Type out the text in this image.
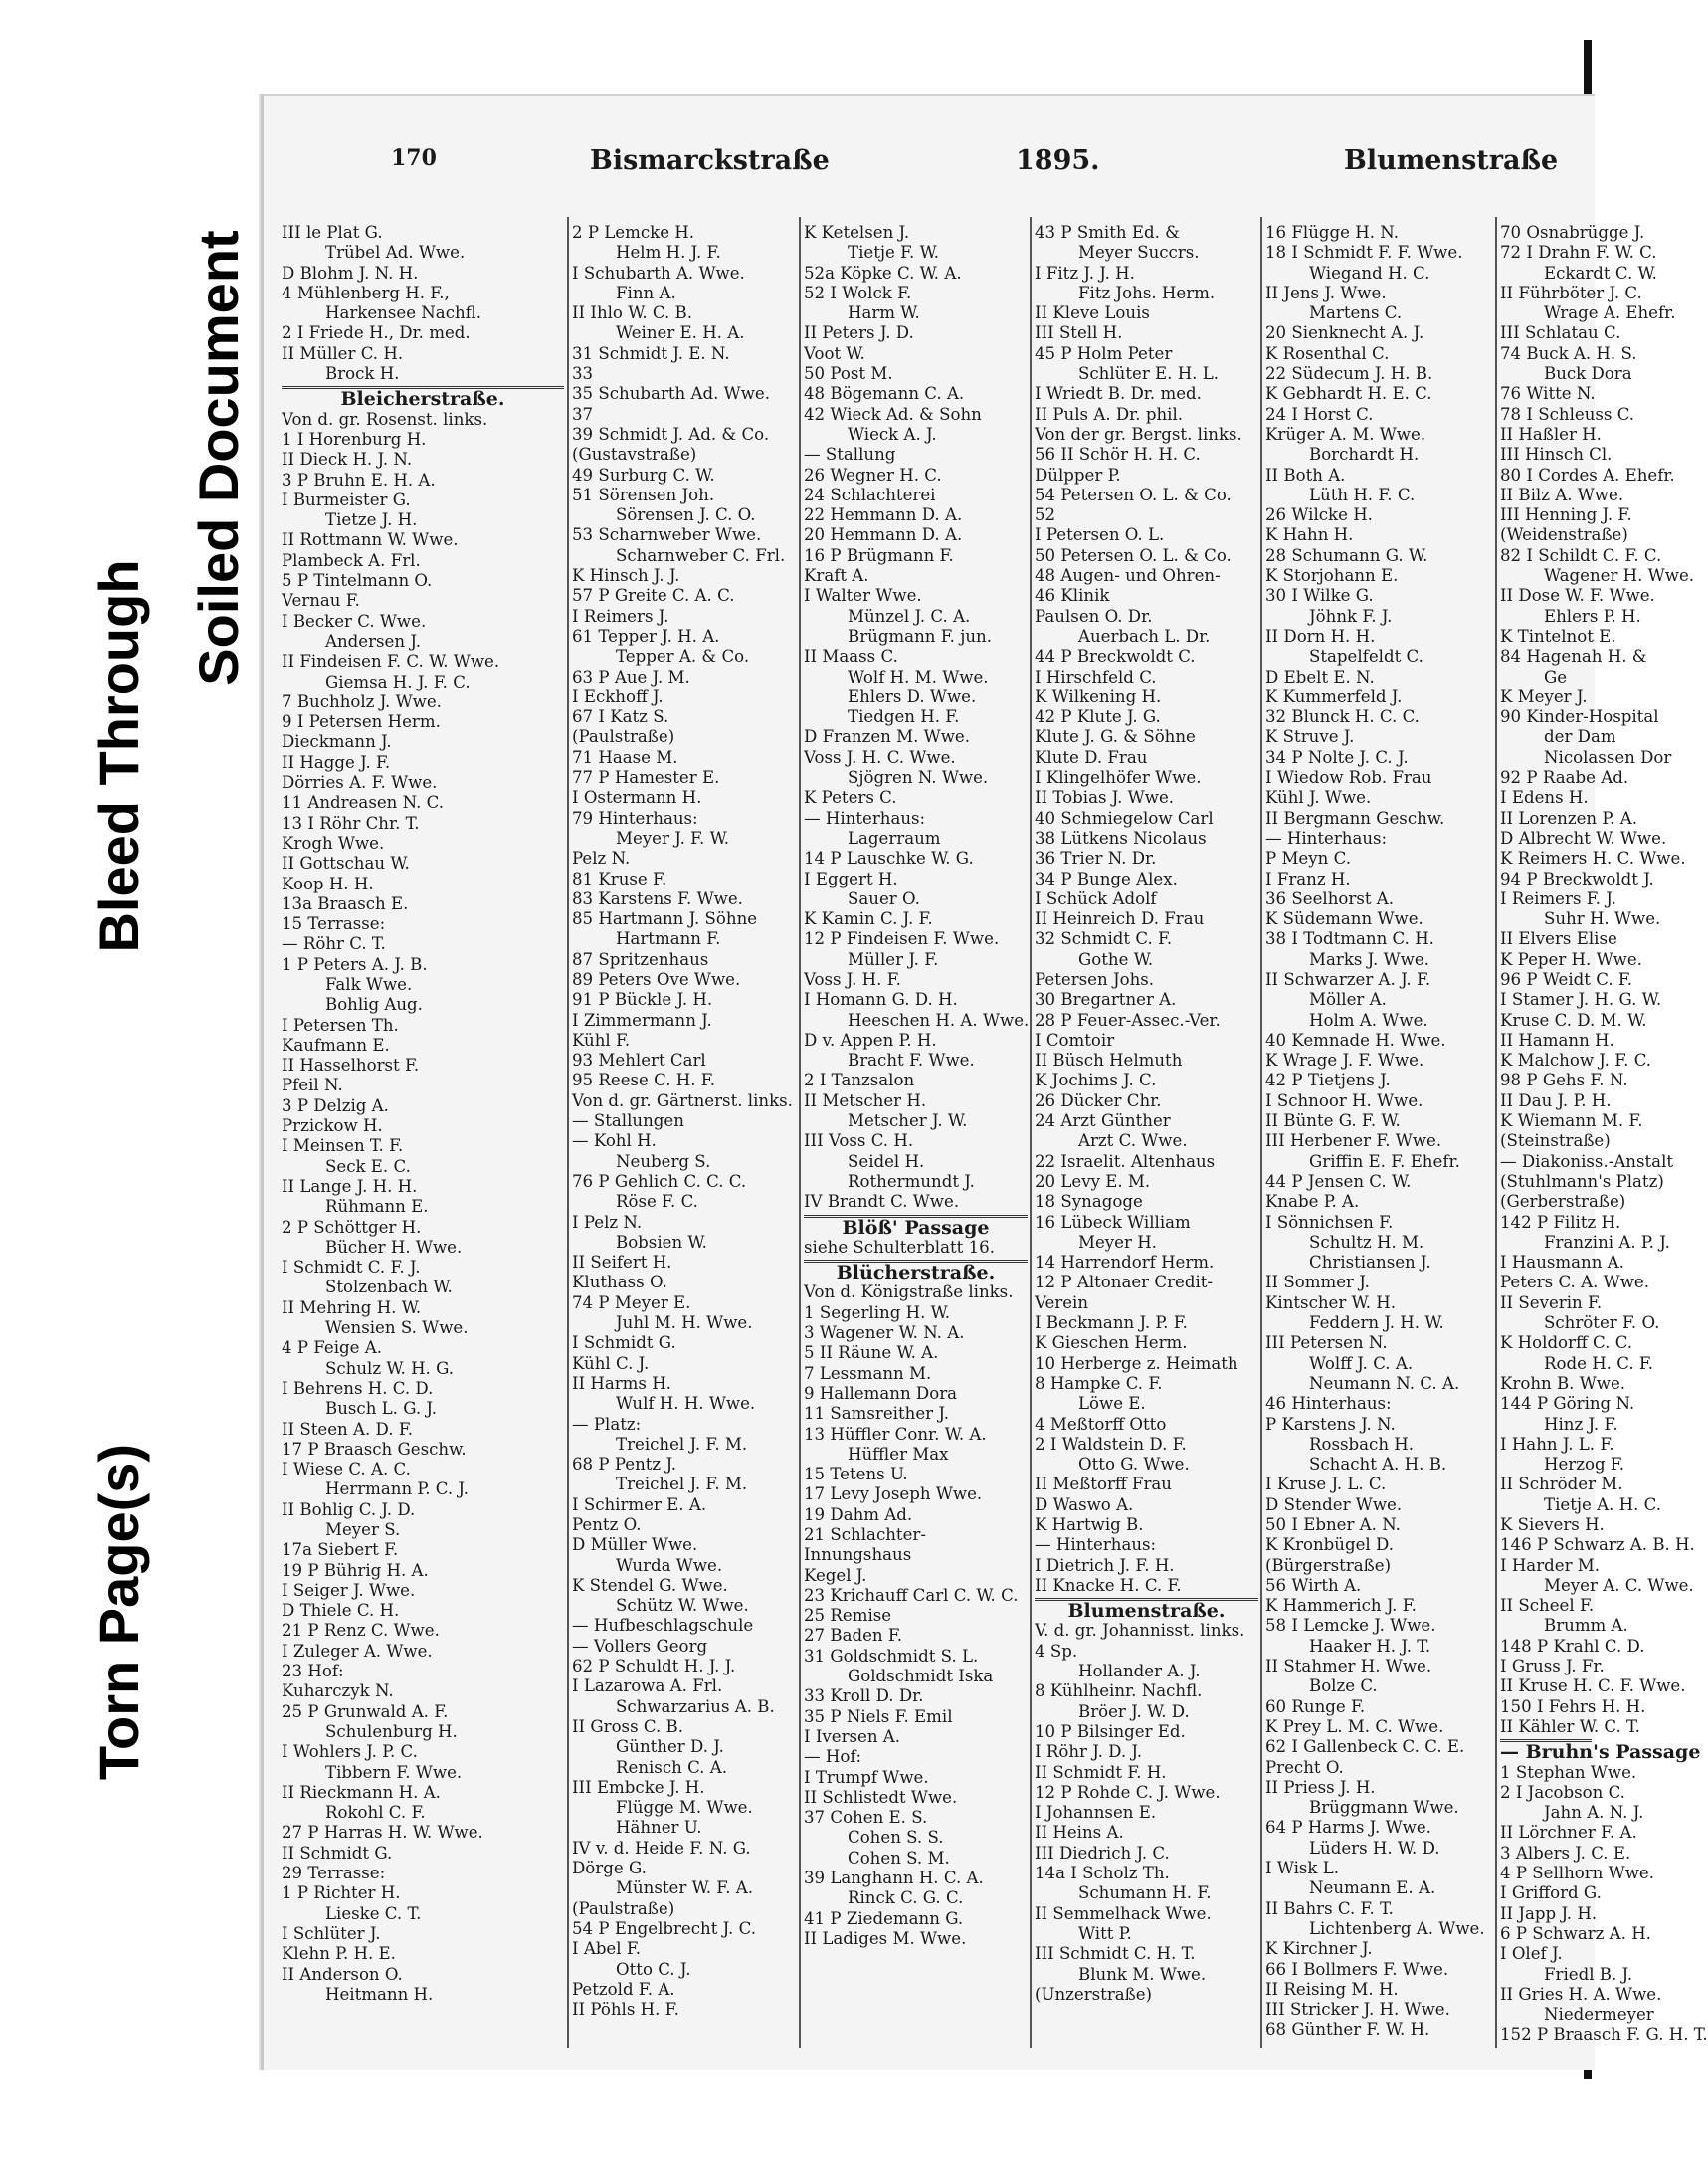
Torn Page(s)
Bleed Through
Soiled Document
170	Bismarckstraße	1895.	Blumenstraße
III le Plat G.
Trübel Ad. Wwe.
D Blohm J. N. H.
4 Mühlenberg H. F.,
Harkensee Nachfl.
2 I Friede H., Dr. med.
II Müller C. H.
Brock H.
Bleicherstraße.
Von d. gr. Rosenst. links.
1 I Horenburg H.
II Dieck H. J. N.
3 P Bruhn E. H. A.
I Burmeister G.
Tietze J. H.
II Rottmann W. Wwe.
Plambeck A. Frl.
5 P Tintelmann O.
Vernau F.
I Becker C. Wwe.
Andersen J.
II Findeisen F. C. W. Wwe.
Giemsa H. J. F. C.
7 Buchholz J. Wwe.
9 I Petersen Herm.
Dieckmann J.
II Hagge J. F.
Dörries A. F. Wwe.
11 Andreasen N. C.
13 I Röhr Chr. T.
Krogh Wwe.
II Gottschau W.
Koop H. H.
13a Braasch E.
15 Terrasse:
— Röhr C. T.
1 P Peters A. J. B.
Falk Wwe.
Bohlig Aug.
I Petersen Th.
Kaufmann E.
II Hasselhorst F.
Pfeil N.
3 P Delzig A.
Przickow H.
I Meinsen T. F.
Seck E. C.
II Lange J. H. H.
Rühmann E.
2 P Schöttger H.
Bücher H. Wwe.
I Schmidt C. F. J.
Stolzenbach W.
II Mehring H. W.
Wensien S. Wwe.
4 P Feige A.
Schulz W. H. G.
I Behrens H. C. D.
Busch L. G. J.
II Steen A. D. F.
17 P Braasch Geschw.
I Wiese C. A. C.
Herrmann P. C. J.
II Bohlig C. J. D.
Meyer S.
17a Siebert F.
19 P Bührig H. A.
I Seiger J. Wwe.
D Thiele C. H.
21 P Renz C. Wwe.
I Zuleger A. Wwe.
23 Hof:
Kuharczyk N.
25 P Grunwald A. F.
Schulenburg H.
I Wohlers J. P. C.
Tibbern F. Wwe.
II Rieckmann H. A.
Rokohl C. F.
27 P Harras H. W. Wwe.
II Schmidt G.
29 Terrasse:
1 P Richter H.
Lieske C. T.
I Schlüter J.
Klehn P. H. E.
II Anderson O.
Heitmann H.
2 P Lemcke H.
Helm H. J. F.
I Schubarth A. Wwe.
Finn A.
II Ihlo W. C. B.
Weiner E. H. A.
31 Schmidt J. E. N.
33
35 Schubarth Ad. Wwe.
37
39 Schmidt J. Ad. & Co.
(Gustavstraße)
49 Surburg C. W.
51 Sörensen Joh.
Sörensen J. C. O.
53 Scharnweber Wwe.
Scharnweber C. Frl.
K Hinsch J. J.
57 P Greite C. A. C.
I Reimers J.
61 Tepper J. H. A.
Tepper A. & Co.
63 P Aue J. M.
I Eckhoff J.
67 I Katz S.
(Paulstraße)
71 Haase M.
77 P Hamester E.
I Ostermann H.
79 Hinterhaus:
Meyer J. F. W.
Pelz N.
81 Kruse F.
83 Karstens F. Wwe.
85 Hartmann J. Söhne
Hartmann F.
87 Spritzenhaus
89 Peters Ove Wwe.
91 P Bückle J. H.
I Zimmermann J.
Kühl F.
93 Mehlert Carl
95 Reese C. H. F.
Von d. gr. Gärtnerst. links.
— Stallungen
— Kohl H.
Neuberg S.
76 P Gehlich C. C. C.
Röse F. C.
I Pelz N.
Bobsien W.
II Seifert H.
Kluthass O.
74 P Meyer E.
Juhl M. H. Wwe.
I Schmidt G.
Kühl C. J.
II Harms H.
Wulf H. H. Wwe.
— Platz:
Treichel J. F. M.
68 P Pentz J.
Treichel J. F. M.
I Schirmer E. A.
Pentz O.
D Müller Wwe.
Wurda Wwe.
K Stendel G. Wwe.
Schütz W. Wwe.
— Hufbeschlagschule
— Vollers Georg
62 P Schuldt H. J. J.
I Lazarowa A. Frl.
Schwarzarius A. B.
II Gross C. B.
Günther D. J.
Renisch C. A.
III Embcke J. H.
Flügge M. Wwe.
Hähner U.
IV v. d. Heide F. N. G.
Dörge G.
Münster W. F. A.
(Paulstraße)
54 P Engelbrecht J. C.
I Abel F.
Otto C. J.
Petzold F. A.
II Pöhls H. F.
K Ketelsen J.
Tietje F. W.
52a Köpke C. W. A.
52 I Wolck F.
Harm W.
II Peters J. D.
Voot W.
50 Post M.
48 Bögemann C. A.
42 Wieck Ad. & Sohn
Wieck A. J.
— Stallung
26 Wegner H. C.
24 Schlachterei
22 Hemmann D. A.
20 Hemmann D. A.
16 P Brügmann F.
Kraft A.
I Walter Wwe.
Münzel J. C. A.
Brügmann F. jun.
II Maass C.
Wolf H. M. Wwe.
Ehlers D. Wwe.
Tiedgen H. F.
D Franzen M. Wwe.
Voss J. H. C. Wwe.
Sjögren N. Wwe.
K Peters C.
— Hinterhaus:
Lagerraum
14 P Lauschke W. G.
I Eggert H.
Sauer O.
K Kamin C. J. F.
12 P Findeisen F. Wwe.
Müller J. F.
Voss J. H. F.
I Homann G. D. H.
Heeschen H. A. Wwe.
D v. Appen P. H.
Bracht F. Wwe.
2 I Tanzsalon
II Metscher H.
Metscher J. W.
III Voss C. H.
Seidel H.
Rothermundt J.
IV Brandt C. Wwe.
Blöß' Passage
siehe Schulterblatt 16.
Blücherstraße.
Von d. Königstraße links.
1 Segerling H. W.
3 Wagener W. N. A.
5 II Räune W. A.
7 Lessmann M.
9 Hallemann Dora
11 Samsreither J.
13 Hüffler Conr. W. A.
Hüffler Max
15 Tetens U.
17 Levy Joseph Wwe.
19 Dahm Ad.
21 Schlachter-
Innungshaus
Kegel J.
23 Krichauff Carl C. W. C.
25 Remise
27 Baden F.
31 Goldschmidt S. L.
Goldschmidt Iska
33 Kroll D. Dr.
35 P Niels F. Emil
I Iversen A.
— Hof:
I Trumpf Wwe.
II Schlistedt Wwe.
37 Cohen E. S.
Cohen S. S.
Cohen S. M.
39 Langhann H. C. A.
Rinck C. G. C.
41 P Ziedemann G.
II Ladiges M. Wwe.
43 P Smith Ed. &
Meyer Succrs.
I Fitz J. J. H.
Fitz Johs. Herm.
II Kleve Louis
III Stell H.
45 P Holm Peter
Schlüter E. H. L.
I Wriedt B. Dr. med.
II Puls A. Dr. phil.
Von der gr. Bergst. links.
56 II Schör H. H. C.
Dülpper P.
54 Petersen O. L. & Co.
52
I Petersen O. L.
50 Petersen O. L. & Co.
48 Augen- und Ohren-
46 Klinik
Paulsen O. Dr.
Auerbach L. Dr.
44 P Breckwoldt C.
I Hirschfeld C.
K Wilkening H.
42 P Klute J. G.
Klute J. G. & Söhne
Klute D. Frau
I Klingelhöfer Wwe.
II Tobias J. Wwe.
40 Schmiegelow Carl
38 Lütkens Nicolaus
36 Trier N. Dr.
34 P Bunge Alex.
I Schück Adolf
II Heinreich D. Frau
32 Schmidt C. F.
Gothe W.
Petersen Johs.
30 Bregartner A.
28 P Feuer-Assec.-Ver.
I Comtoir
II Büsch Helmuth
K Jochims J. C.
26 Dücker Chr.
24 Arzt Günther
Arzt C. Wwe.
22 Israelit. Altenhaus
20 Levy E. M.
18 Synagoge
16 Lübeck William
Meyer H.
14 Harrendorf Herm.
12 P Altonaer Credit-
Verein
I Beckmann J. P. F.
K Gieschen Herm.
10 Herberge z. Heimath
8 Hampke C. F.
Löwe E.
4 Meßtorff Otto
2 I Waldstein D. F.
Otto G. Wwe.
II Meßtorff Frau
D Waswo A.
K Hartwig B.
— Hinterhaus:
I Dietrich J. F. H.
II Knacke H. C. F.
Blumenstraße.
V. d. gr. Johannisst. links.
4 Sp.
Hollander A. J.
8 Kühlheinr. Nachfl.
Bröer J. W. D.
10 P Bilsinger Ed.
I Röhr J. D. J.
II Schmidt F. H.
12 P Rohde C. J. Wwe.
I Johannsen E.
II Heins A.
III Diedrich J. C.
14a I Scholz Th.
Schumann H. F.
II Semmelhack Wwe.
Witt P.
III Schmidt C. H. T.
Blunk M. Wwe.
(Unzerstraße)
16 Flügge H. N.
18 I Schmidt F. F. Wwe.
Wiegand H. C.
II Jens J. Wwe.
Martens C.
20 Sienknecht A. J.
K Rosenthal C.
22 Südecum J. H. B.
K Gebhardt H. E. C.
24 I Horst C.
Krüger A. M. Wwe.
Borchardt H.
II Both A.
Lüth H. F. C.
26 Wilcke H.
K Hahn H.
28 Schumann G. W.
K Storjohann E.
30 I Wilke G.
Jöhnk F. J.
II Dorn H. H.
Stapelfeldt C.
D Ebelt E. N.
K Kummerfeld J.
32 Blunck H. C. C.
K Struve J.
34 P Nolte J. C. J.
I Wiedow Rob. Frau
Kühl J. Wwe.
II Bergmann Geschw.
— Hinterhaus:
P Meyn C.
I Franz H.
36 Seelhorst A.
K Südemann Wwe.
38 I Todtmann C. H.
Marks J. Wwe.
II Schwarzer A. J. F.
Möller A.
Holm A. Wwe.
40 Kemnade H. Wwe.
K Wrage J. F. Wwe.
42 P Tietjens J.
I Schnoor H. Wwe.
II Bünte G. F. W.
III Herbener F. Wwe.
Griffin E. F. Ehefr.
44 P Jensen C. W.
Knabe P. A.
I Sönnichsen F.
Schultz H. M.
Christiansen J.
II Sommer J.
Kintscher W. H.
Feddern J. H. W.
III Petersen N.
Wolff J. C. A.
Neumann N. C. A.
46 Hinterhaus:
P Karstens J. N.
Rossbach H.
Schacht A. H. B.
I Kruse J. L. C.
D Stender Wwe.
50 I Ebner A. N.
K Kronbügel D.
(Bürgerstraße)
56 Wirth A.
K Hammerich J. F.
58 I Lemcke J. Wwe.
Haaker H. J. T.
II Stahmer H. Wwe.
Bolze C.
60 Runge F.
K Prey L. M. C. Wwe.
62 I Gallenbeck C. C. E.
Precht O.
II Priess J. H.
Brüggmann Wwe.
64 P Harms J. Wwe.
Lüders H. W. D.
I Wisk L.
Neumann E. A.
II Bahrs C. F. T.
Lichtenberg A. Wwe.
K Kirchner J.
66 I Bollmers F. Wwe.
II Reising M. H.
III Stricker J. H. Wwe.
68 Günther F. W. H.
70 Osnabrügge J.
72 I Drahn F. W. C.
Eckardt C. W.
II Führböter J. C.
Wrage A. Ehefr.
III Schlatau C.
74 Buck A. H. S.
Buck Dora
76 Witte N.
78 I Schleuss C.
II Haßler H.
III Hinsch Cl.
80 I Cordes A. Ehefr.
II Bilz A. Wwe.
III Henning J. F.
(Weidenstraße)
82 I Schildt C. F. C.
Wagener H. Wwe.
II Dose W. F. Wwe.
Ehlers P. H.
K Tintelnot E.
84 Hagenah H. &
Ge
K Meyer J.
90 Kinder-Hospital
der Dam
Nicolassen Dor
92 P Raabe Ad.
I Edens H.
II Lorenzen P. A.
D Albrecht W. Wwe.
K Reimers H. C. Wwe.
94 P Breckwoldt J.
I Reimers F. J.
Suhr H. Wwe.
II Elvers Elise
K Peper H. Wwe.
96 P Weidt C. F.
I Stamer J. H. G. W.
Kruse C. D. M. W.
II Hamann H.
K Malchow J. F. C.
98 P Gehs F. N.
II Dau J. P. H.
K Wiemann M. F.
(Steinstraße)
— Diakoniss.-Anstalt
(Stuhlmann's Platz)
(Gerberstraße)
142 P Filitz H.
Franzini A. P. J.
I Hausmann A.
Peters C. A. Wwe.
II Severin F.
Schröter F. O.
K Holdorff C. C.
Rode H. C. F.
Krohn B. Wwe.
144 P Göring N.
Hinz J. F.
I Hahn J. L. F.
Herzog F.
II Schröder M.
Tietje A. H. C.
K Sievers H.
146 P Schwarz A. B. H.
I Harder M.
Meyer A. C. Wwe.
II Scheel F.
Brumm A.
148 P Krahl C. D.
I Gruss J. Fr.
II Kruse H. C. F. Wwe.
150 I Fehrs H. H.
II Kähler W. C. T.
— Bruhn's Passage
1 Stephan Wwe.
2 I Jacobson C.
Jahn A. N. J.
II Lörchner F. A.
3 Albers J. C. E.
4 P Sellhorn Wwe.
I Grifford G.
II Japp J. H.
6 P Schwarz A. H.
I Olef J.
Friedl B. J.
II Gries H. A. Wwe.
Niedermeyer
152 P Braasch F. G. H. T.
